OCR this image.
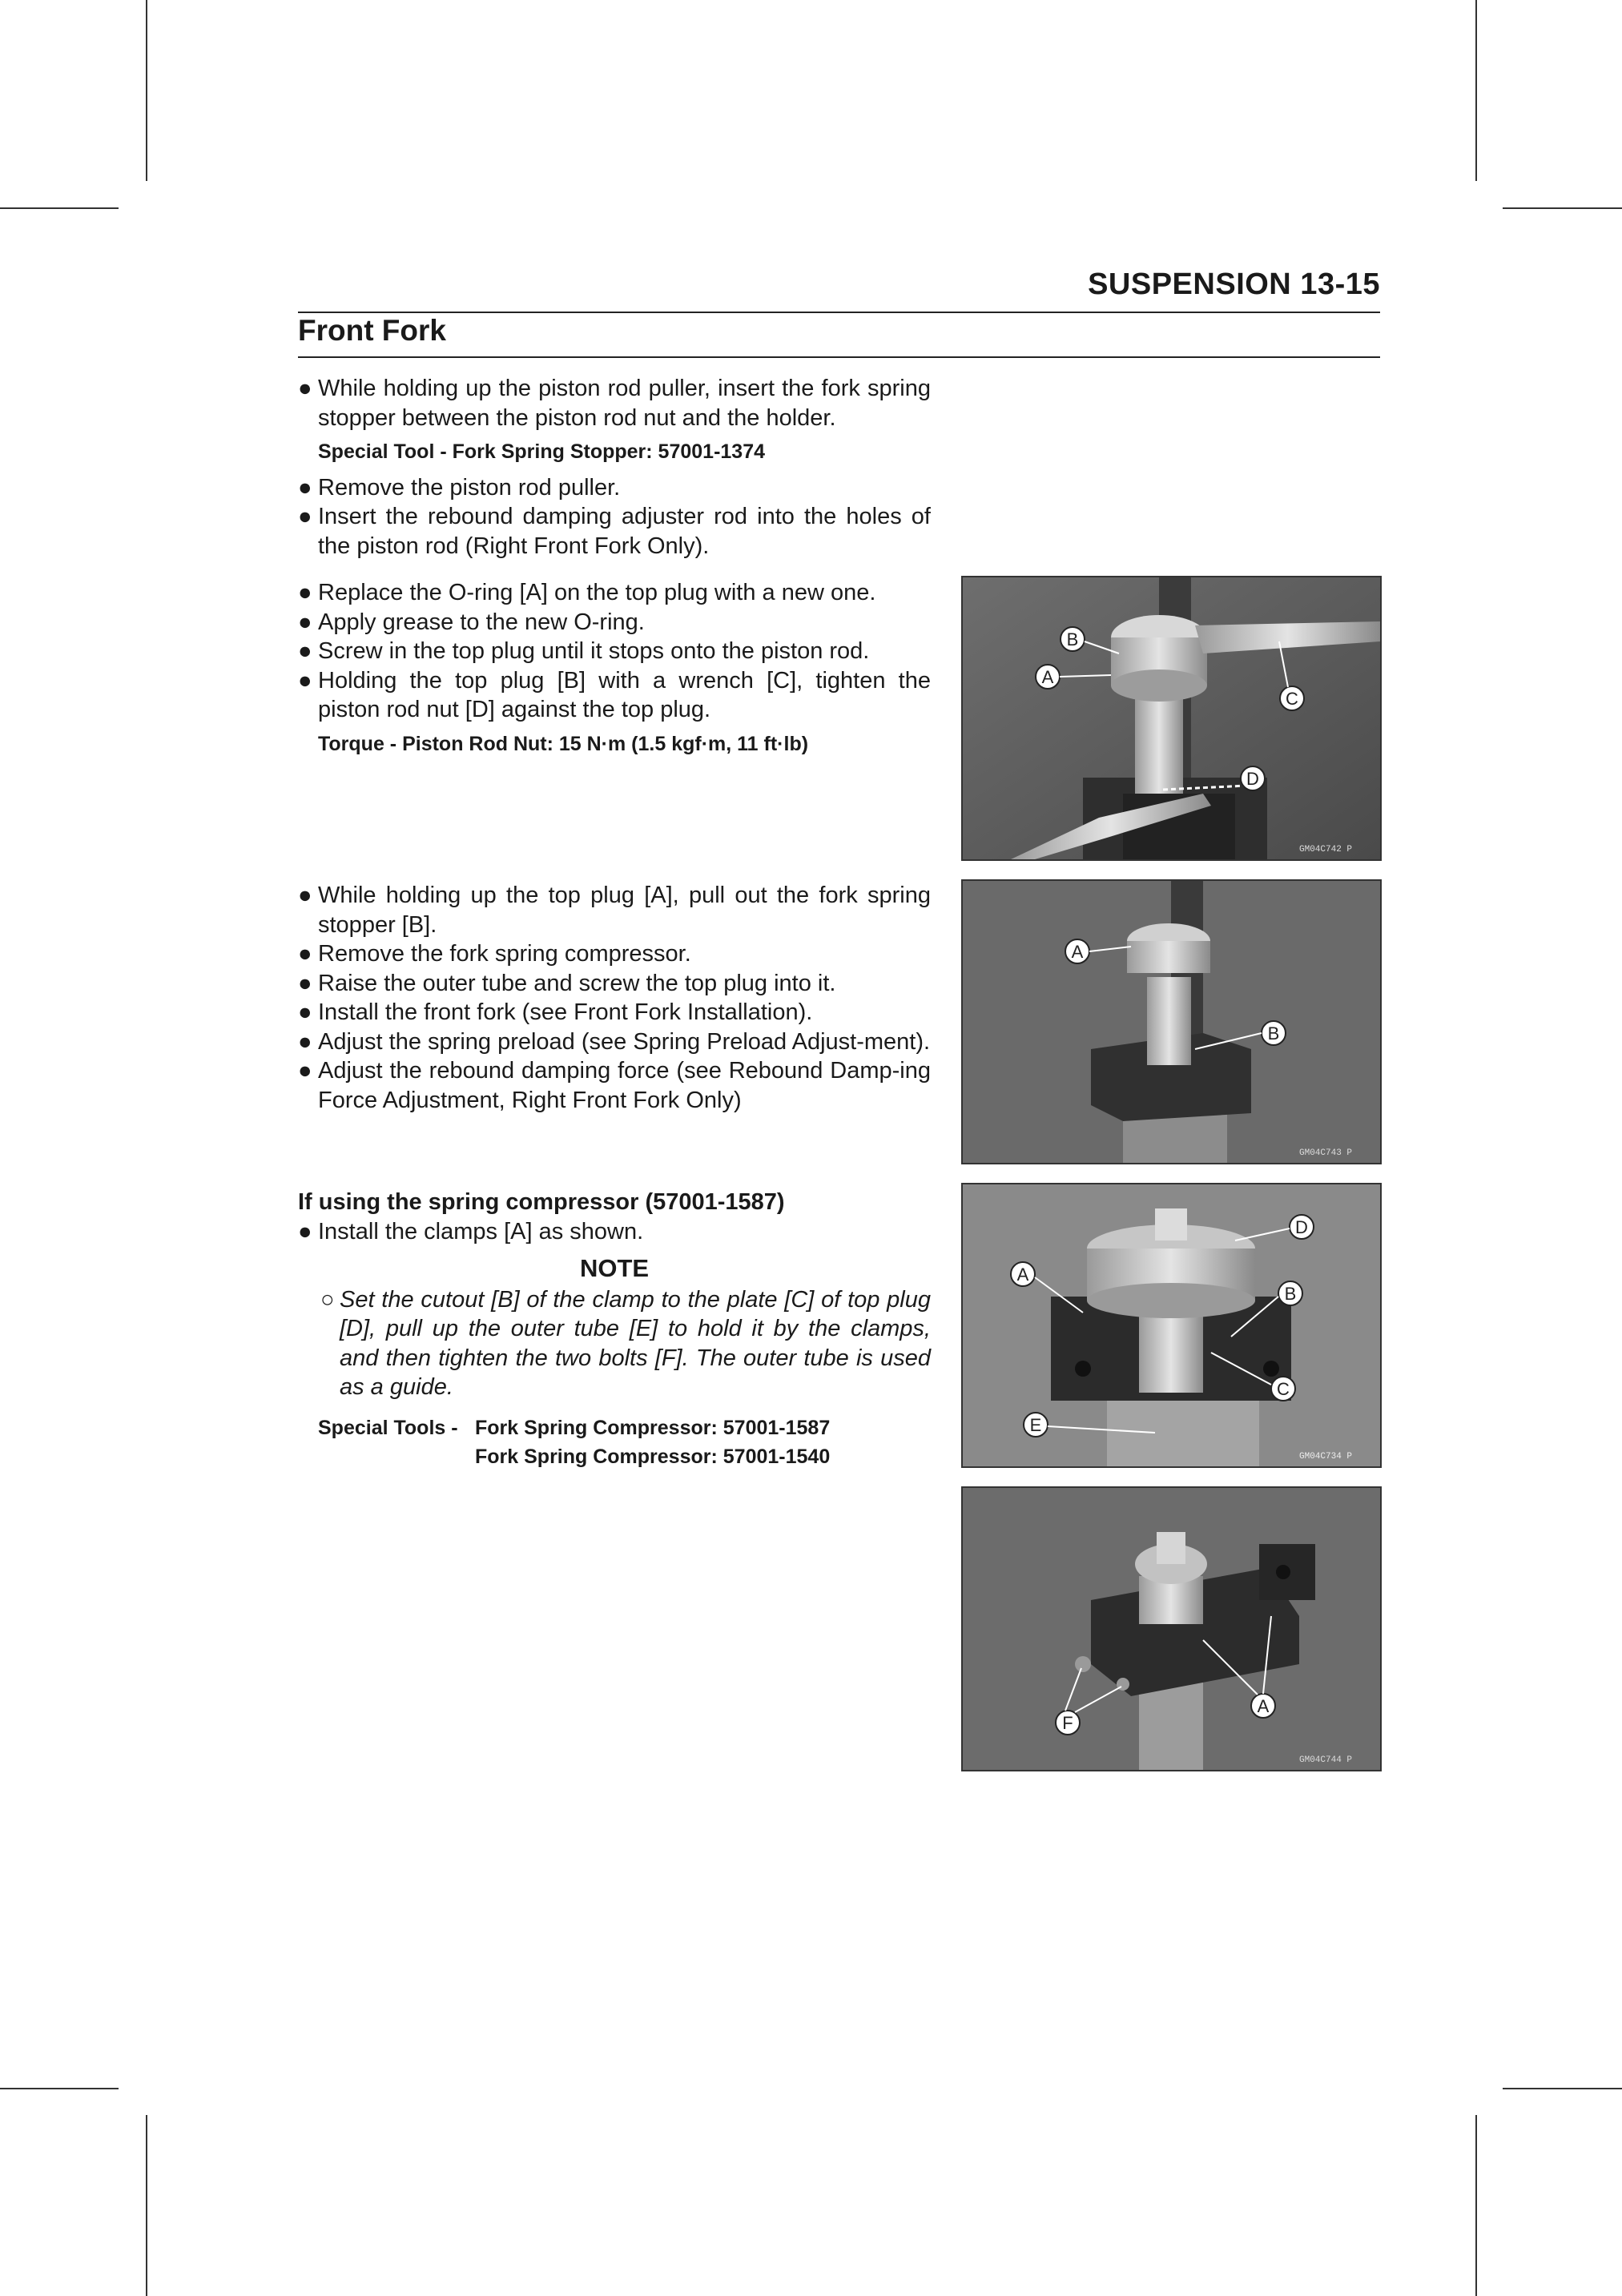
SUSPENSION 13-15
Front Fork
● While holding up the piston rod puller, insert the fork spring stopper between the piston rod nut and the holder.
Special Tool - Fork Spring Stopper: 57001-1374
● Remove the piston rod puller.
● Insert the rebound damping adjuster rod into the holes of the piston rod (Right Front Fork Only).
● Replace the O-ring [A] on the top plug with a new one.
● Apply grease to the new O-ring.
● Screw in the top plug until it stops onto the piston rod.
● Holding the top plug [B] with a wrench [C], tighten the piston rod nut [D] against the top plug.
Torque - Piston Rod Nut: 15 N·m (1.5 kgf·m, 11 ft·lb)
● While holding up the top plug [A], pull out the fork spring stopper [B].
● Remove the fork spring compressor.
● Raise the outer tube and screw the top plug into it.
● Install the front fork (see Front Fork Installation).
● Adjust the spring preload (see Spring Preload Adjust-ment).
● Adjust the rebound damping force (see Rebound Damp-ing Force Adjustment, Right Front Fork Only)
If using the spring compressor (57001-1587)
● Install the clamps [A] as shown.
NOTE
○ Set the cutout [B] of the clamp to the plate [C] of top plug [D], pull up the outer tube [E] to hold it by the clamps, and then tighten the two bolts [F]. The outer tube is used as a guide.
Special Tools - Fork Spring Compressor: 57001-1587
Fork Spring Compressor: 57001-1540
B
A
C
D
GM04C742 P
A
B
GM04C743 P
D
A
B
C
E
GM04C734 P
F
A
GM04C744 P
